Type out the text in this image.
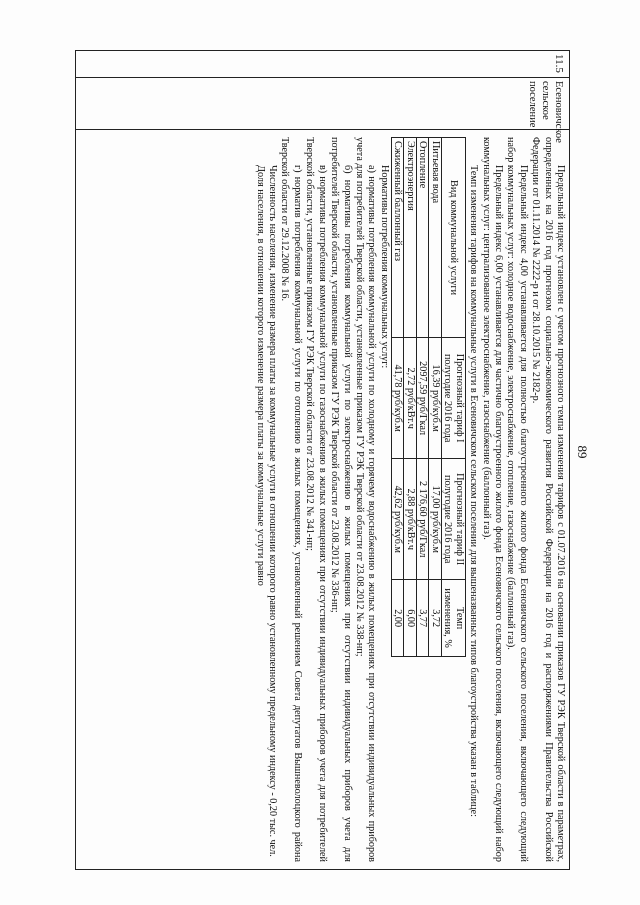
89
11.5
Есеновичское сельское поселение

Предельный индекс установлен с учетом прогнозного темпа изменения тарифов с 01.07.2016 на основании приказов ГУ РЭК Тверской области в параметрах, определенных на 2016 год прогнозом социально-экономического развития Российской Федерации на 2016 год и распоряжениями Правительства Российской Федерации от 01.11.2014 № 2222-р и от 28.10.2015 № 2182-р.

Предельный индекс 4,00 устанавливается для полностью благоустроенного жилого фонда Есеновичского сельского поселения, включающего следующий набор коммунальных услуг: холодное водоснабжение, электроснабжение, отопление, газоснабжение (баллонный газ).

Предельный индекс 6,00 устанавливается для частично благоустроенного жилого фонда Есеновичского сельского поселения, включающего следующий набор коммунальных услуг: централизованное электроснабжение, газоснабжение (баллонный газ).

Темп изменения тарифов на коммунальные услуги в Есеновичском сельском поселении для вышеназванных типов благоустройства указан в таблице:

Вид коммунальной услуги	Прогнозный тариф I полугодие 2016 года	Прогнозный тариф II полугодие 2016 года	Темп изменения, %
Питьевая вода	16,39 руб/куб.м	17,00 руб/куб.м	3,72
Отопление	2097,59 руб/Гкал	2 176,60 руб/Гкал	3,77
Электроэнергия	2,72 руб/кВт.ч	2,88 руб/кВт.ч	6,00
Сжиженный баллонный газ	41,78 руб/куб.м	42,62 руб/куб.м	2,00

Нормативы потребления коммунальных услуг:

а) нормативы потребления коммунальной услуги по холодному и горячему водоснабжению в жилых помещениях при отсутствии индивидуальных приборов учета для потребителей Тверской области, установленные приказом ГУ РЭК Тверской области от 23.08.2012 № 338-нп;

б) нормативы потребления коммунальной услуги по электроснабжению в жилых помещениях при отсутствии индивидуальных приборов учета для потребителей Тверской области, установленные приказом ГУ РЭК Тверской области от 23.08.2012 № 336-нп;

в) нормативы потребления коммунальной услуги по газоснабжению в жилых помещениях при отсутствии индивидуальных приборов учета для потребителей Тверской области, установленные приказом ГУ РЭК Тверской области от 23.08.2012 № 341-нп;

г) норматив потребления коммунальной услуги по отоплению в жилых помещениях, установленный решением Совета депутатов Вышневолоцкого района Тверской области от 29.12.2008 № 16.

Численность населения, изменение размера платы за коммунальные услуги в отношении которого равно установленному предельному индексу - 0,20 тыс. чел.

Доля населения, в отношении которого изменение размера платы за коммунальные услуги равно
